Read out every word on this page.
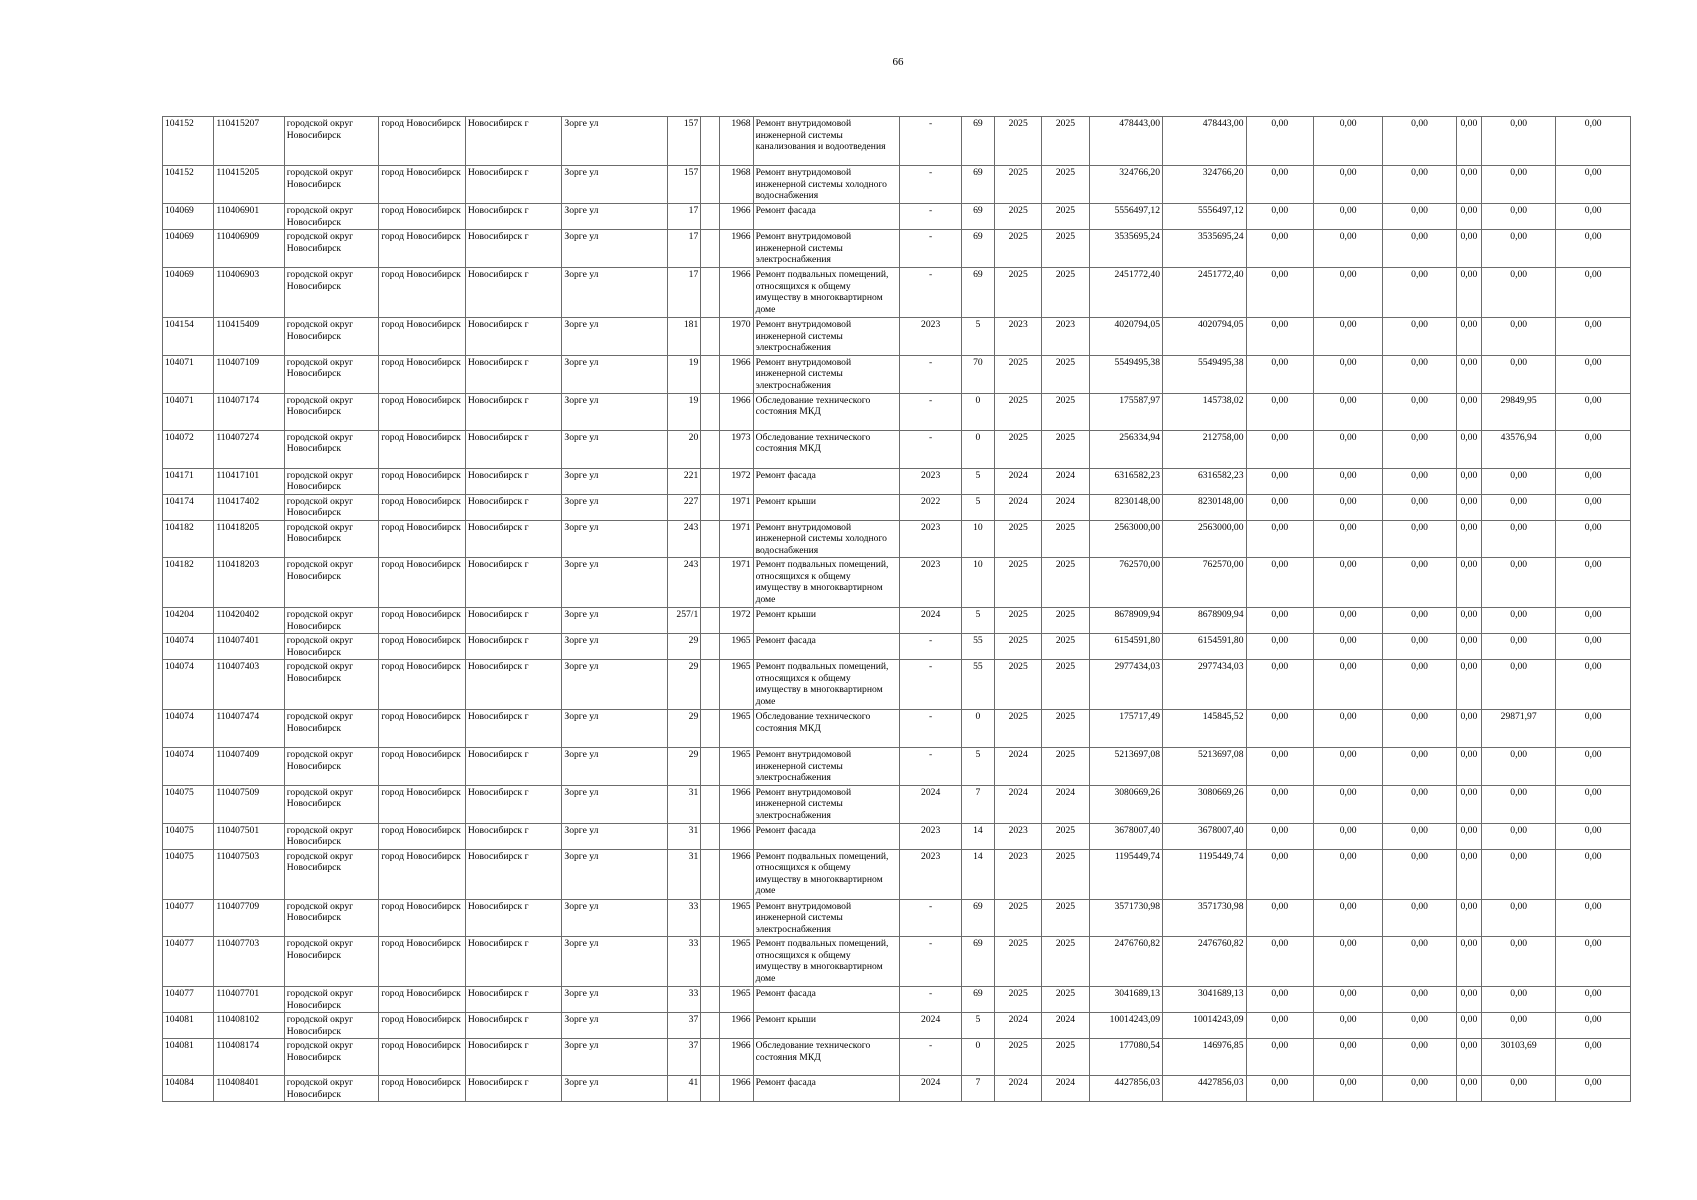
66
104152	110415207	городской округ Новосибирск	город Новосибирск	Новосибирск г	Зорге ул	157		1968	Ремонт внутридомовой инженерной системы канализования и водоотведения	-	69	2025	2025	478443,00	478443,00	0,00	0,00	0,00	0,00	0,00	0,00
104152	110415205	городской округ Новосибирск	город Новосибирск	Новосибирск г	Зорге ул	157		1968	Ремонт внутридомовой инженерной системы холодного водоснабжения	-	69	2025	2025	324766,20	324766,20	0,00	0,00	0,00	0,00	0,00	0,00
104069	110406901	городской округ Новосибирск	город Новосибирск	Новосибирск г	Зорге ул	17		1966	Ремонт фасада	-	69	2025	2025	5556497,12	5556497,12	0,00	0,00	0,00	0,00	0,00	0,00
104069	110406909	городской округ Новосибирск	город Новосибирск	Новосибирск г	Зорге ул	17		1966	Ремонт внутридомовой инженерной системы электроснабжения	-	69	2025	2025	3535695,24	3535695,24	0,00	0,00	0,00	0,00	0,00	0,00
104069	110406903	городской округ Новосибирск	город Новосибирск	Новосибирск г	Зорге ул	17		1966	Ремонт подвальных помещений, относящихся к общему имуществу в многоквартирном доме	-	69	2025	2025	2451772,40	2451772,40	0,00	0,00	0,00	0,00	0,00	0,00
104154	110415409	городской округ Новосибирск	город Новосибирск	Новосибирск г	Зорге ул	181		1970	Ремонт внутридомовой инженерной системы электроснабжения	2023	5	2023	2023	4020794,05	4020794,05	0,00	0,00	0,00	0,00	0,00	0,00
104071	110407109	городской округ Новосибирск	город Новосибирск	Новосибирск г	Зорге ул	19		1966	Ремонт внутридомовой инженерной системы электроснабжения	-	70	2025	2025	5549495,38	5549495,38	0,00	0,00	0,00	0,00	0,00	0,00
104071	110407174	городской округ Новосибирск	город Новосибирск	Новосибирск г	Зорге ул	19		1966	Обследование технического состояния МКД	-	0	2025	2025	175587,97	145738,02	0,00	0,00	0,00	0,00	29849,95	0,00
104072	110407274	городской округ Новосибирск	город Новосибирск	Новосибирск г	Зорге ул	20		1973	Обследование технического состояния МКД	-	0	2025	2025	256334,94	212758,00	0,00	0,00	0,00	0,00	43576,94	0,00
104171	110417101	городской округ Новосибирск	город Новосибирск	Новосибирск г	Зорге ул	221		1972	Ремонт фасада	2023	5	2024	2024	6316582,23	6316582,23	0,00	0,00	0,00	0,00	0,00	0,00
104174	110417402	городской округ Новосибирск	город Новосибирск	Новосибирск г	Зорге ул	227		1971	Ремонт крыши	2022	5	2024	2024	8230148,00	8230148,00	0,00	0,00	0,00	0,00	0,00	0,00
104182	110418205	городской округ Новосибирск	город Новосибирск	Новосибирск г	Зорге ул	243		1971	Ремонт внутридомовой инженерной системы холодного водоснабжения	2023	10	2025	2025	2563000,00	2563000,00	0,00	0,00	0,00	0,00	0,00	0,00
104182	110418203	городской округ Новосибирск	город Новосибирск	Новосибирск г	Зорге ул	243		1971	Ремонт подвальных помещений, относящихся к общему имуществу в многоквартирном доме	2023	10	2025	2025	762570,00	762570,00	0,00	0,00	0,00	0,00	0,00	0,00
104204	110420402	городской округ Новосибирск	город Новосибирск	Новосибирск г	Зорге ул	257/1		1972	Ремонт крыши	2024	5	2025	2025	8678909,94	8678909,94	0,00	0,00	0,00	0,00	0,00	0,00
104074	110407401	городской округ Новосибирск	город Новосибирск	Новосибирск г	Зорге ул	29		1965	Ремонт фасада	-	55	2025	2025	6154591,80	6154591,80	0,00	0,00	0,00	0,00	0,00	0,00
104074	110407403	городской округ Новосибирск	город Новосибирск	Новосибирск г	Зорге ул	29		1965	Ремонт подвальных помещений, относящихся к общему имуществу в многоквартирном доме	-	55	2025	2025	2977434,03	2977434,03	0,00	0,00	0,00	0,00	0,00	0,00
104074	110407474	городской округ Новосибирск	город Новосибирск	Новосибирск г	Зорге ул	29		1965	Обследование технического состояния МКД	-	0	2025	2025	175717,49	145845,52	0,00	0,00	0,00	0,00	29871,97	0,00
104074	110407409	городской округ Новосибирск	город Новосибирск	Новосибирск г	Зорге ул	29		1965	Ремонт внутридомовой инженерной системы электроснабжения	-	5	2024	2025	5213697,08	5213697,08	0,00	0,00	0,00	0,00	0,00	0,00
104075	110407509	городской округ Новосибирск	город Новосибирск	Новосибирск г	Зорге ул	31		1966	Ремонт внутридомовой инженерной системы электроснабжения	2024	7	2024	2024	3080669,26	3080669,26	0,00	0,00	0,00	0,00	0,00	0,00
104075	110407501	городской округ Новосибирск	город Новосибирск	Новосибирск г	Зорге ул	31		1966	Ремонт фасада	2023	14	2023	2025	3678007,40	3678007,40	0,00	0,00	0,00	0,00	0,00	0,00
104075	110407503	городской округ Новосибирск	город Новосибирск	Новосибирск г	Зорге ул	31		1966	Ремонт подвальных помещений, относящихся к общему имуществу в многоквартирном доме	2023	14	2023	2025	1195449,74	1195449,74	0,00	0,00	0,00	0,00	0,00	0,00
104077	110407709	городской округ Новосибирск	город Новосибирск	Новосибирск г	Зорге ул	33		1965	Ремонт внутридомовой инженерной системы электроснабжения	-	69	2025	2025	3571730,98	3571730,98	0,00	0,00	0,00	0,00	0,00	0,00
104077	110407703	городской округ Новосибирск	город Новосибирск	Новосибирск г	Зорге ул	33		1965	Ремонт подвальных помещений, относящихся к общему имуществу в многоквартирном доме	-	69	2025	2025	2476760,82	2476760,82	0,00	0,00	0,00	0,00	0,00	0,00
104077	110407701	городской округ Новосибирск	город Новосибирск	Новосибирск г	Зорге ул	33		1965	Ремонт фасада	-	69	2025	2025	3041689,13	3041689,13	0,00	0,00	0,00	0,00	0,00	0,00
104081	110408102	городской округ Новосибирск	город Новосибирск	Новосибирск г	Зорге ул	37		1966	Ремонт крыши	2024	5	2024	2024	10014243,09	10014243,09	0,00	0,00	0,00	0,00	0,00	0,00
104081	110408174	городской округ Новосибирск	город Новосибирск	Новосибирск г	Зорге ул	37		1966	Обследование технического состояния МКД	-	0	2025	2025	177080,54	146976,85	0,00	0,00	0,00	0,00	30103,69	0,00
104084	110408401	городской округ Новосибирск	город Новосибирск	Новосибирск г	Зорге ул	41		1966	Ремонт фасада	2024	7	2024	2024	4427856,03	4427856,03	0,00	0,00	0,00	0,00	0,00	0,00
